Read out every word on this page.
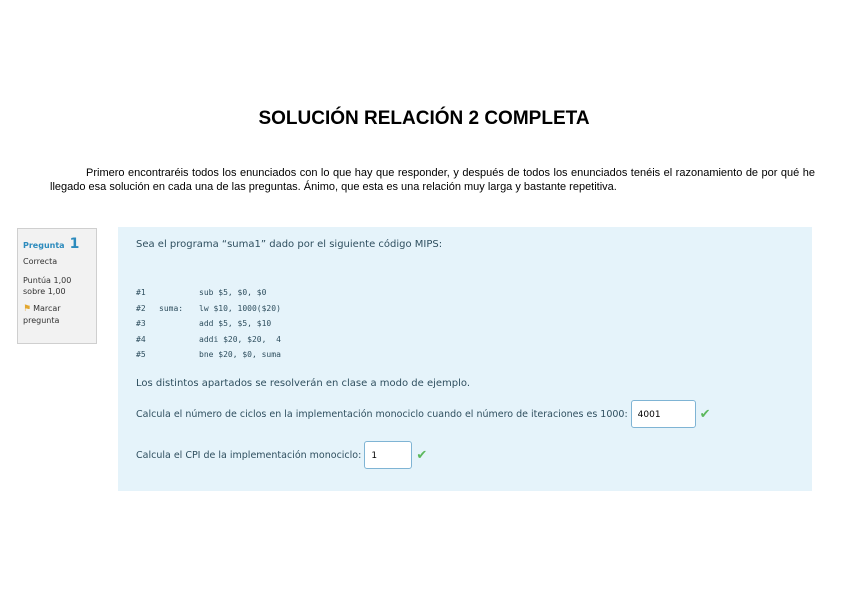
SOLUCIÓN RELACIÓN 2 COMPLETA
Primero encontraréis todos los enunciados con lo que hay que responder, y después de todos los enunciados tenéis el razonamiento de por qué he llegado esa solución en cada una de las preguntas. Ánimo, que esta es una relación muy larga y bastante repetitiva.
Pregunta 1
Correcta
Puntúa 1,00 sobre 1,00
⚑ Marcar pregunta
Sea el programa “suma1” dado por el siguiente código MIPS:
#1	sub $5, $0, $0
#2	suma:	lw $10, 1000($20)
#3	add $5, $5, $10
#4	addi $20, $20,  4
#5	bne $20, $0, suma
Los distintos apartados se resolverán en clase a modo de ejemplo.
Calcula el número de ciclos en la implementación monociclo cuando el número de iteraciones es 1000:	4001	✔
Calcula el CPI de la implementación monociclo:	1	✔
